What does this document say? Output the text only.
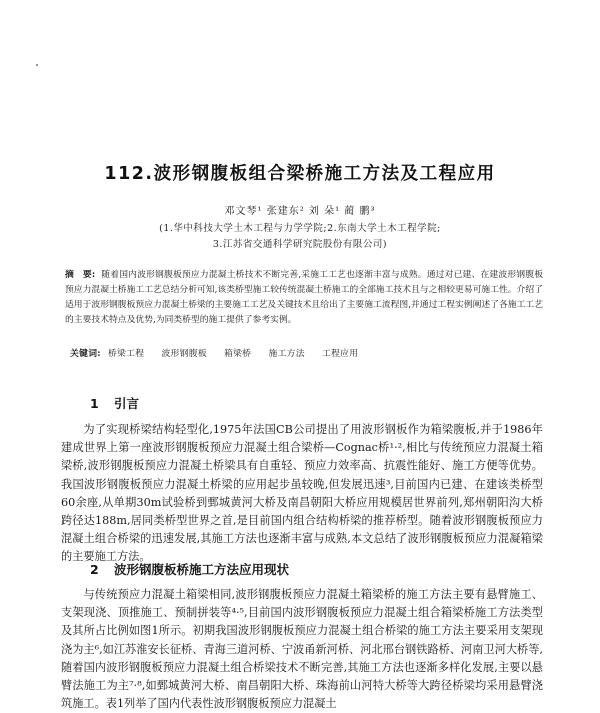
112.波形钢腹板组合梁桥施工方法及工程应用
邓文琴¹ 张建东² 刘 朵¹ 蔺 鹏³
(1.华中科技大学土木工程与力学学院;2.东南大学土木工程学院;
3.江苏省交通科学研究院股份有限公司)
摘　要: 随着国内波形钢腹板预应力混凝土桥技术不断完善,采施工工艺也逐渐丰富与成熟。通过对已建、在建波形钢腹板预应力混凝土桥施工工艺总结分析可知,该类桥型施工较传统混凝土桥施工的全部施工技术且与之相较更易可施工性。介绍了适用于波形钢腹板预应力混凝土桥梁的主要施工工艺及关键技术且给出了主要施工流程图,并通过工程实例阐述了各施工工艺的主要技术特点及优势,为同类桥型的施工提供了参考实例。
关键词: 桥梁工程 波形钢腹板 箱梁桥 施工方法 工程应用
1 引言

为了实现桥梁结构轻型化,1975年法国CB公司提出了用波形钢板作为箱梁腹板,并于1986年建成世界上第一座波形钢腹板预应力混凝土组合梁桥—Cognac桥¹·²,相比与传统预应力混凝土箱梁桥,波形钢腹板预应力混凝土桥梁具有自重轻、预应力效率高、抗震性能好、施工方便等优势。我国波形钢腹板预应力混凝土桥梁的应用起步虽较晚,但发展迅速³,目前国内已建、在建该类桥型60余座,从单期30m试验桥到鄄城黄河大桥及南昌朝阳大桥应用规模居世界前列,郑州朝阳沟大桥跨径达188m,居同类桥型世界之首,是目前国内组合结构桥梁的推荐桥型。随着波形钢腹板预应力混凝土组合桥梁的迅速发展,其施工方法也逐渐丰富与成熟,本文总结了波形钢腹板预应力混凝箱梁的主要施工方法。

2 波形钢腹板桥施工方法应用现状

与传统预应力混凝土箱梁相同,波形钢腹板预应力混凝土箱梁桥的施工方法主要有悬臂施工、支架现浇、顶推施工、预制拼装等⁴·⁵,目前国内波形钢腹板预应力混凝土组合箱梁桥施工方法类型及其所占比例如图1所示。初期我国波形钢腹板预应力混凝土组合桥梁的施工方法主要采用支架现浇为主⁶,如江苏淮安长征桥、青海三道河桥、宁波甬新河桥、河北邢台钢铁路桥、河南卫河大桥等,随着国内波形钢腹板预应力混凝土组合桥梁技术不断完善,其施工方法也逐渐多样化发展,主要以悬臂法施工为主⁷·⁸,如鄄城黄河大桥、南昌朝阳大桥、珠海前山河特大桥等大跨径桥梁均采用悬臂浇筑施工。表1列举了国内代表性波形钢腹板预应力混凝土
